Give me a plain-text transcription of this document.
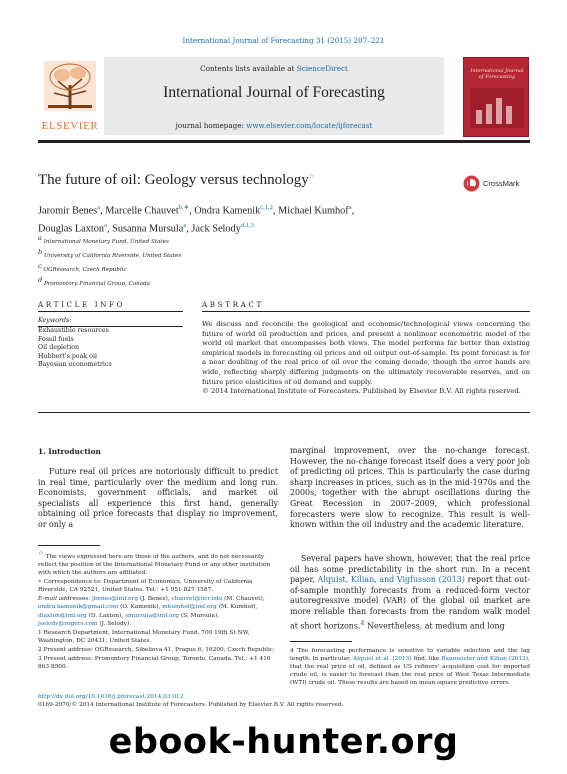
International Journal of Forecasting 31 (2015) 207–221
ELSEVIER
Contents lists available at ScienceDirect
International Journal of Forecasting
journal homepage: www.elsevier.com/locate/ijforecast
International Journal of Forecasting
The future of oil: Geology versus technology☆
CrossMark
Jaromir Benes$^a$, Marcelle Chauvet$^{b,∗}$, Ondra Kamenik$^{c,1,2}$, Michael Kumhof$^a$,
Douglas Laxton$^a$, Susanna Mursula$^a$, Jack Selody$^{d,1,3}$
$^a$ International Monetary Fund, United States
$^b$ University of California Riverside, United States
$^c$ OGResearch, Czech Republic
$^d$ Promontory Financial Group, Canada
ARTICLE INFO
Keywords:
Exhaustible resources
Fossil fuels
Oil depletion
Hubbert's peak oil
Bayesian econometrics
ABSTRACT
We discuss and reconcile the geological and economic/technological views concerning the future of world oil production and prices, and present a nonlinear econometric model of the world oil market that encompasses both views. The model performs far better than existing empirical models in forecasting oil prices and oil output out-of-sample. Its point forecast is for a near doubling of the real price of oil over the coming decade, though the error bands are wide, reflecting sharply differing judgments on the ultimately recoverable reserves, and on future price elasticities of oil demand and supply.
© 2014 International Institute of Forecasters. Published by Elsevier B.V. All rights reserved.
1. Introduction
Future real oil prices are notoriously difficult to predict in real time, particularly over the medium and long run. Economists, government officials, and market oil specialists all experience this first hand, generally obtaining oil price forecasts that display no improvement, or only a
marginal improvement, over the no-change forecast. However, the no-change forecast itself does a very poor job of predicting oil prices. This is particularly the case during sharp increases in prices, such as in the mid-1970s and the 2000s, together with the abrupt oscillations during the Great Recession in 2007–2009, which professional forecasters were slow to recognize. This result is well-known within the oil industry and the academic literature.
Several papers have shown, however, that the real price oil has some predictability in the short run. In a recent paper, Alquist, Kilian, and Vigfusson (2013) report that out-of-sample monthly forecasts from a reduced-form vector autoregressive model (VAR) of the global oil market are more reliable than forecasts from the random walk model at short horizons.$^4$ Nevertheless, at medium and long
☆ The views expressed here are those of the authors, and do not necessarily reflect the position of the International Monetary Fund or any other institution with which the authors are affiliated.
∗ Correspondence to: Department of Economics, University of California Riverside, CA 92521, United States. Tel.: +1 951 827 1587.
E-mail addresses: jbenes@imf.org (J. Benes), chauvet@ucr.edu (M. Chauvet), ondra.kamenik@gmail.com (O. Kamenik), mkumhof@imf.org (M. Kumhof), dlaxton@imf.org (D. Laxton), smursula@imf.org (S. Mursula), jselody@rogers.com (J. Selody).
1 Research Department, International Monetary Fund, 700 19th St NW, Washington, DC 20431, United States.
2 Present address: OGResearch, Sibeliova 41, Prague 6, 16200, Czech Republic.
3 Present address: Promontory Financial Group, Toronto, Canada. Tel.: +1 416 863 8500.
4 The forecasting performance is sensitive to variable selection and the lag length. In particular, Alquist et al. (2013) find, like Baumeister and Kilian (2012), that the real price of oil, defined as US refiners' acquisition cost for imported crude oil, is easier to forecast than the real price of West Texas Intermediate (WTI) crude oil. These results are based on mean square predictive errors.
http://dx.doi.org/10.1016/j.ijforecast.2014.03.012
0169-2070/© 2014 International Institute of Forecasters. Published by Elsevier B.V. All rights reserved.
ebook-hunter.org
